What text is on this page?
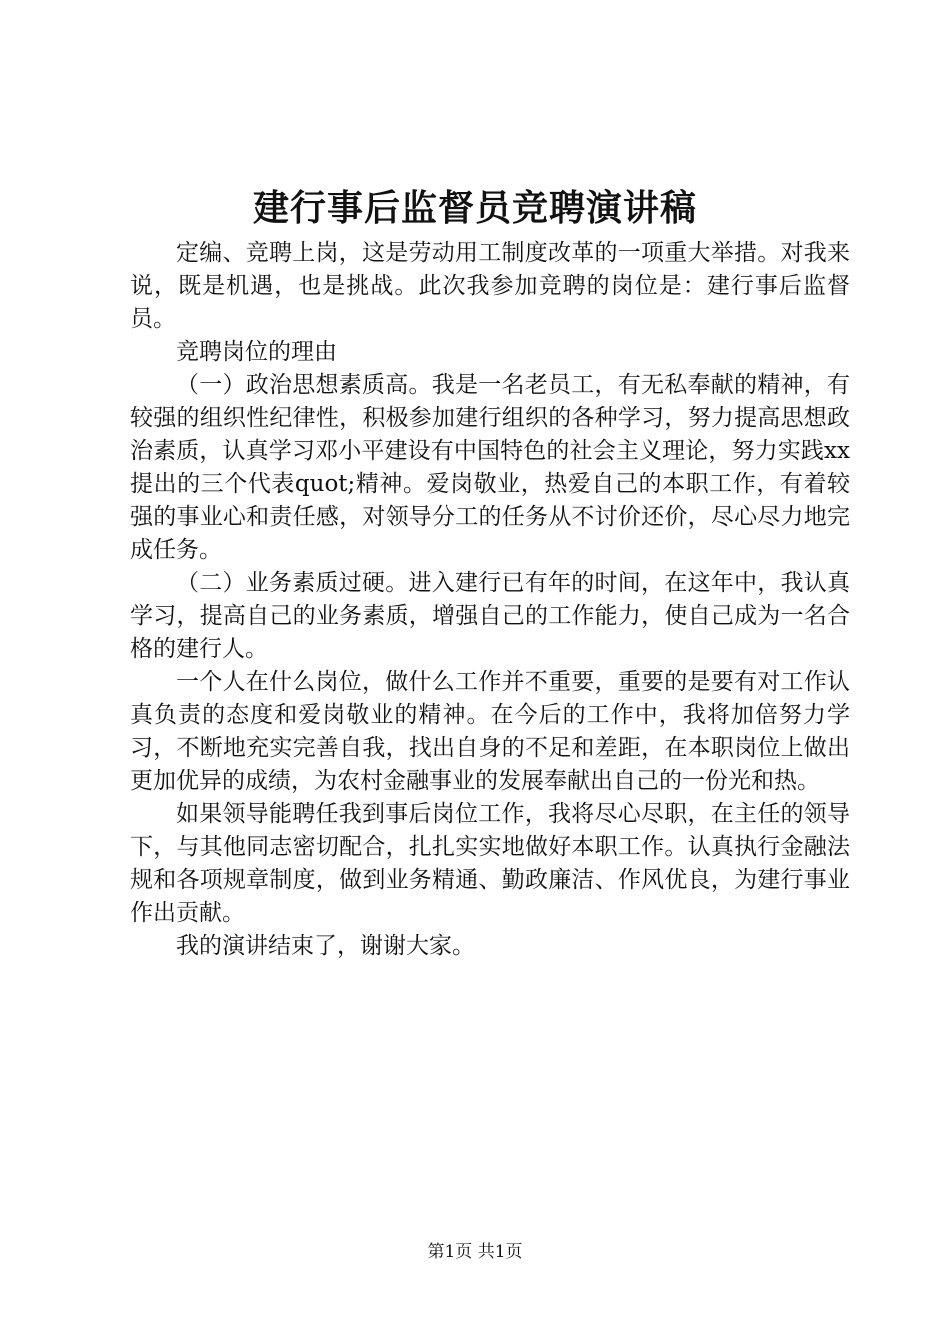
建行事后监督员竞聘演讲稿

定编、竞聘上岗，这是劳动用工制度改革的一项重大举措。对我来说，既是机遇，也是挑战。此次我参加竞聘的岗位是：建行事后监督员。

竞聘岗位的理由

（一）政治思想素质高。我是一名老员工，有无私奉献的精神，有较强的组织性纪律性，积极参加建行组织的各种学习，努力提高思想政治素质，认真学习邓小平建设有中国特色的社会主义理论，努力实践xx提出的三个代表quot;精神。爱岗敬业，热爱自己的本职工作，有着较强的事业心和责任感，对领导分工的任务从不讨价还价，尽心尽力地完成任务。

（二）业务素质过硬。进入建行已有年的时间，在这年中，我认真学习，提高自己的业务素质，增强自己的工作能力，使自己成为一名合格的建行人。

一个人在什么岗位，做什么工作并不重要，重要的是要有对工作认真负责的态度和爱岗敬业的精神。在今后的工作中，我将加倍努力学习，不断地充实完善自我，找出自身的不足和差距，在本职岗位上做出更加优异的成绩，为农村金融事业的发展奉献出自己的一份光和热。

如果领导能聘任我到事后岗位工作，我将尽心尽职，在主任的领导下，与其他同志密切配合，扎扎实实地做好本职工作。认真执行金融法规和各项规章制度，做到业务精通、勤政廉洁、作风优良，为建行事业作出贡献。

我的演讲结束了，谢谢大家。

第1页 共1页
